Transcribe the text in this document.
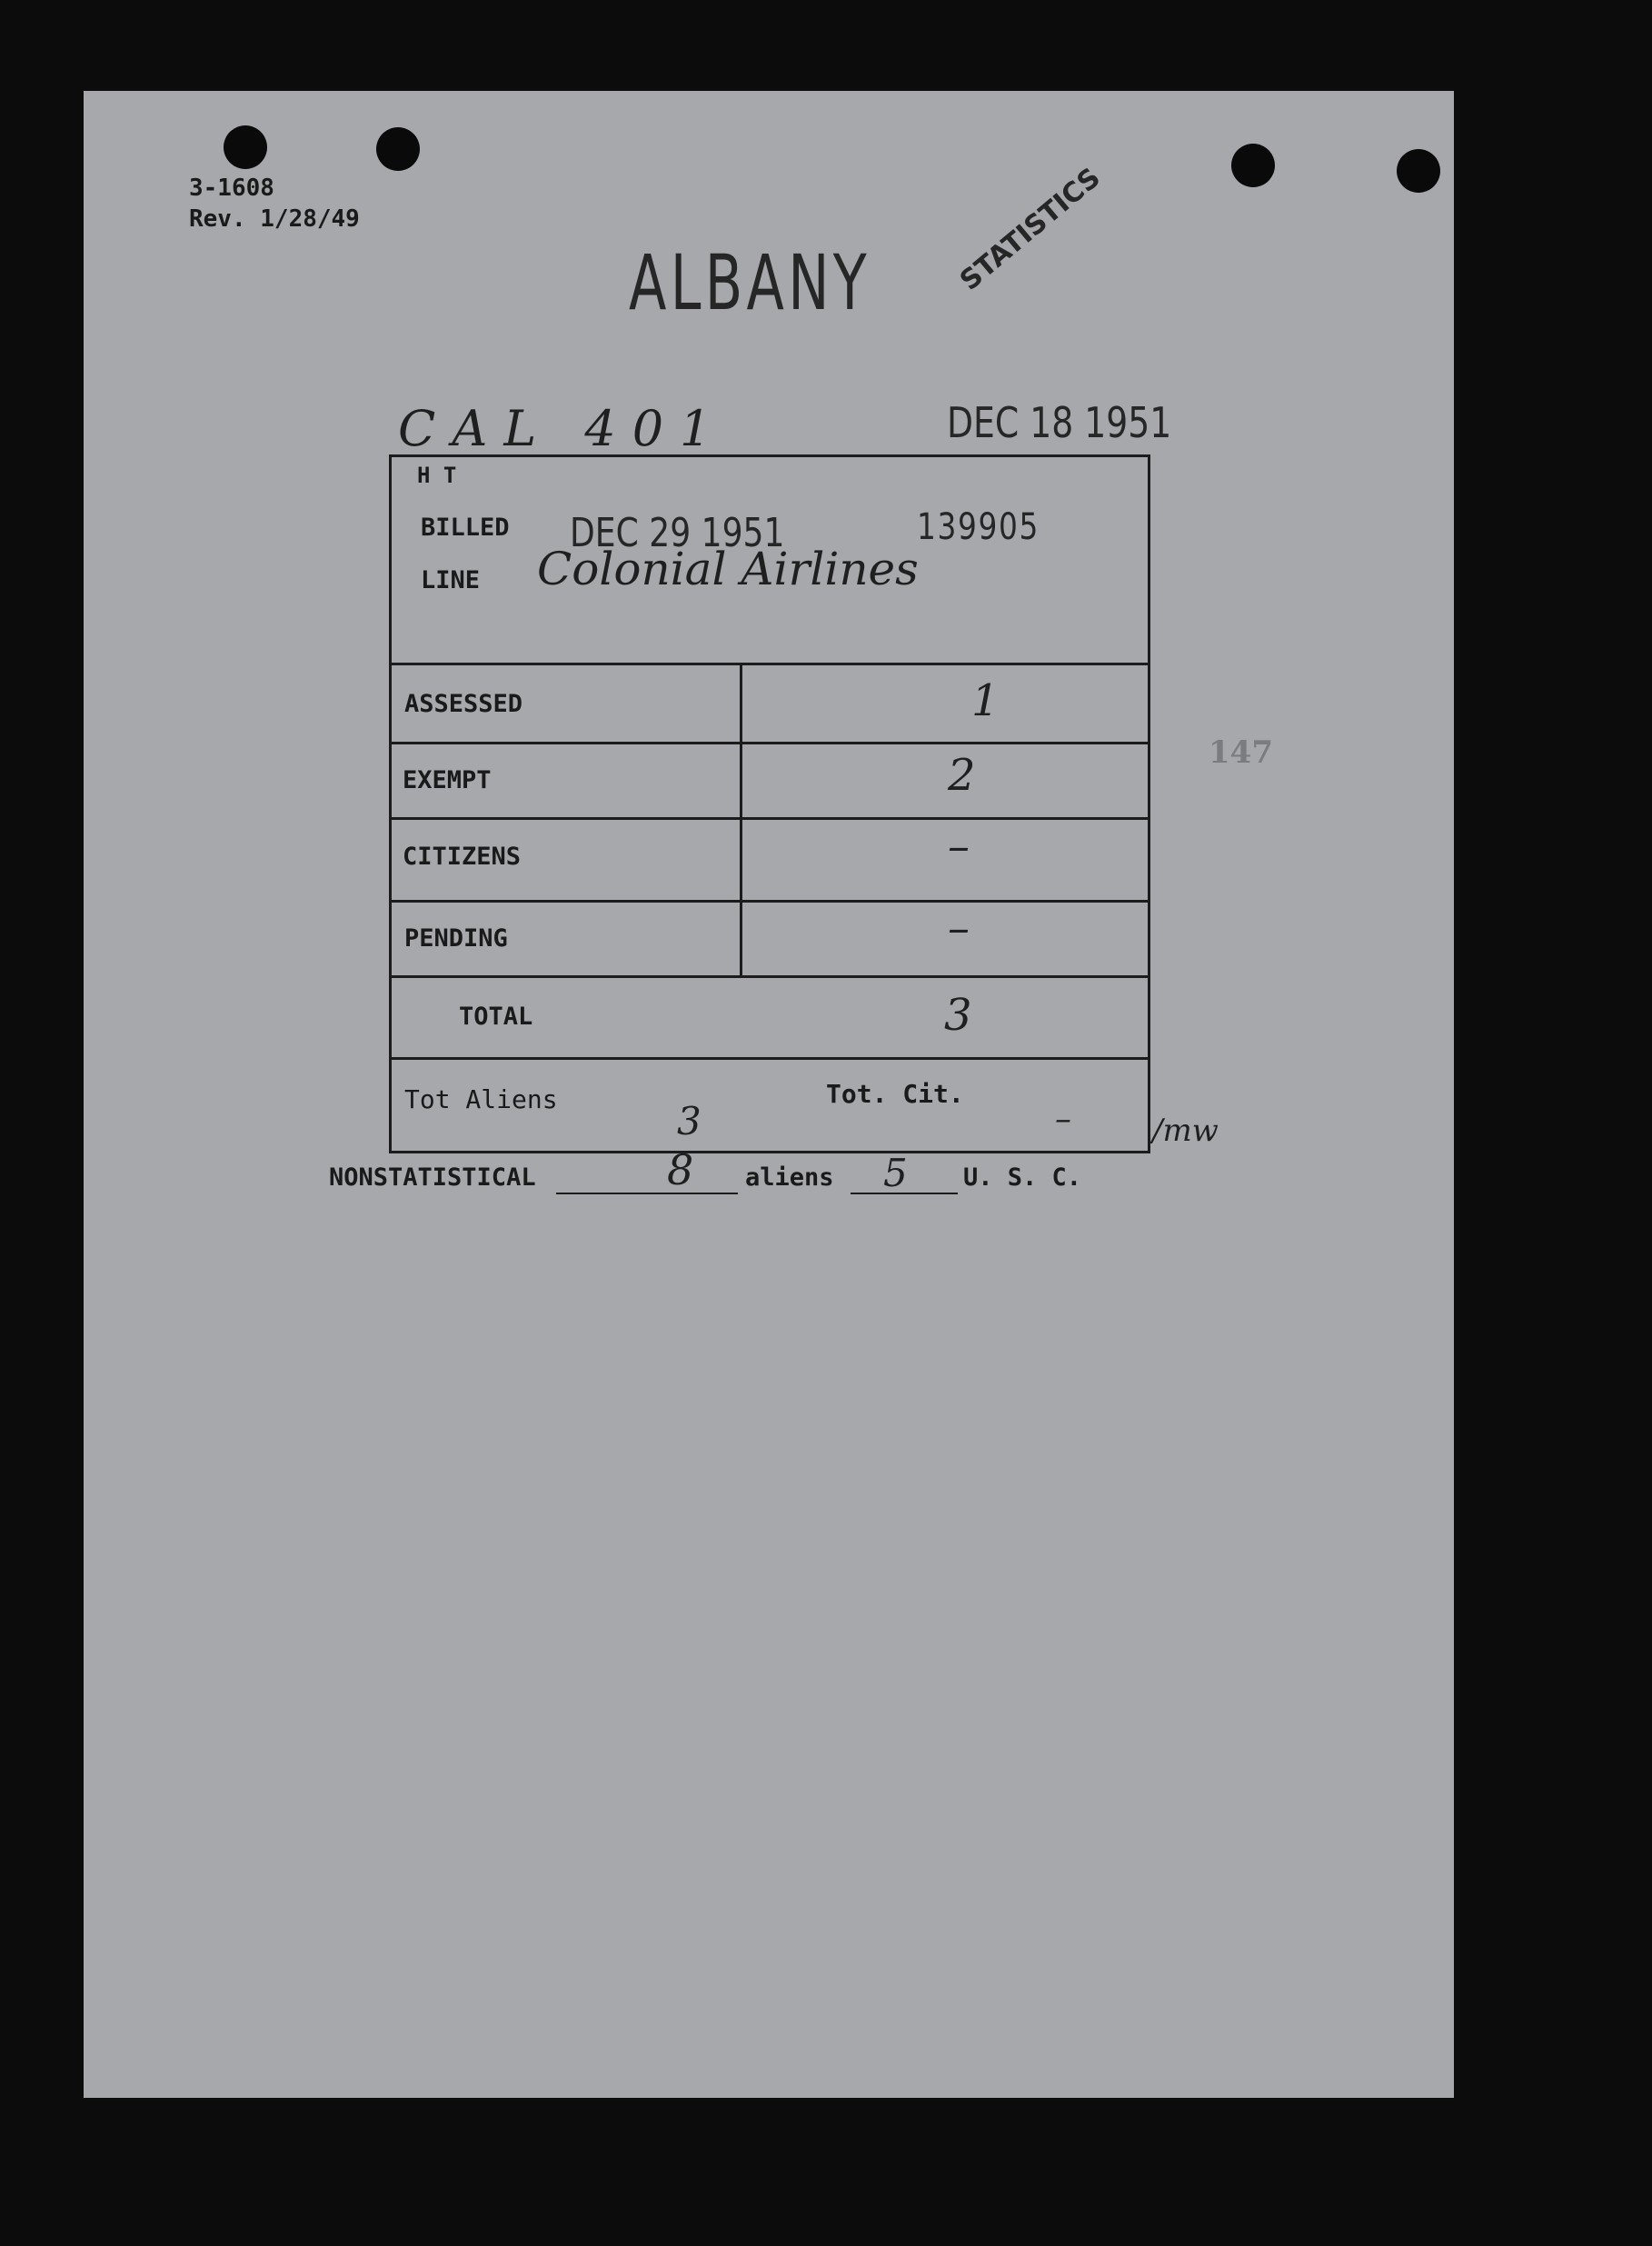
3-1608
Rev. 1/28/49
ALBANY	STATISTICS
CAL 401	DEC 18 1951
H T
BILLED DEC 29 1951	139905
LINE Colonial Airlines
ASSESSED	1
EXEMPT	2
CITIZENS	–
PENDING	–
TOTAL	3
Tot Aliens	3
Tot. Cit.
–	/mw
147
NONSTATISTICAL	8 aliens 5 U. S. C.
